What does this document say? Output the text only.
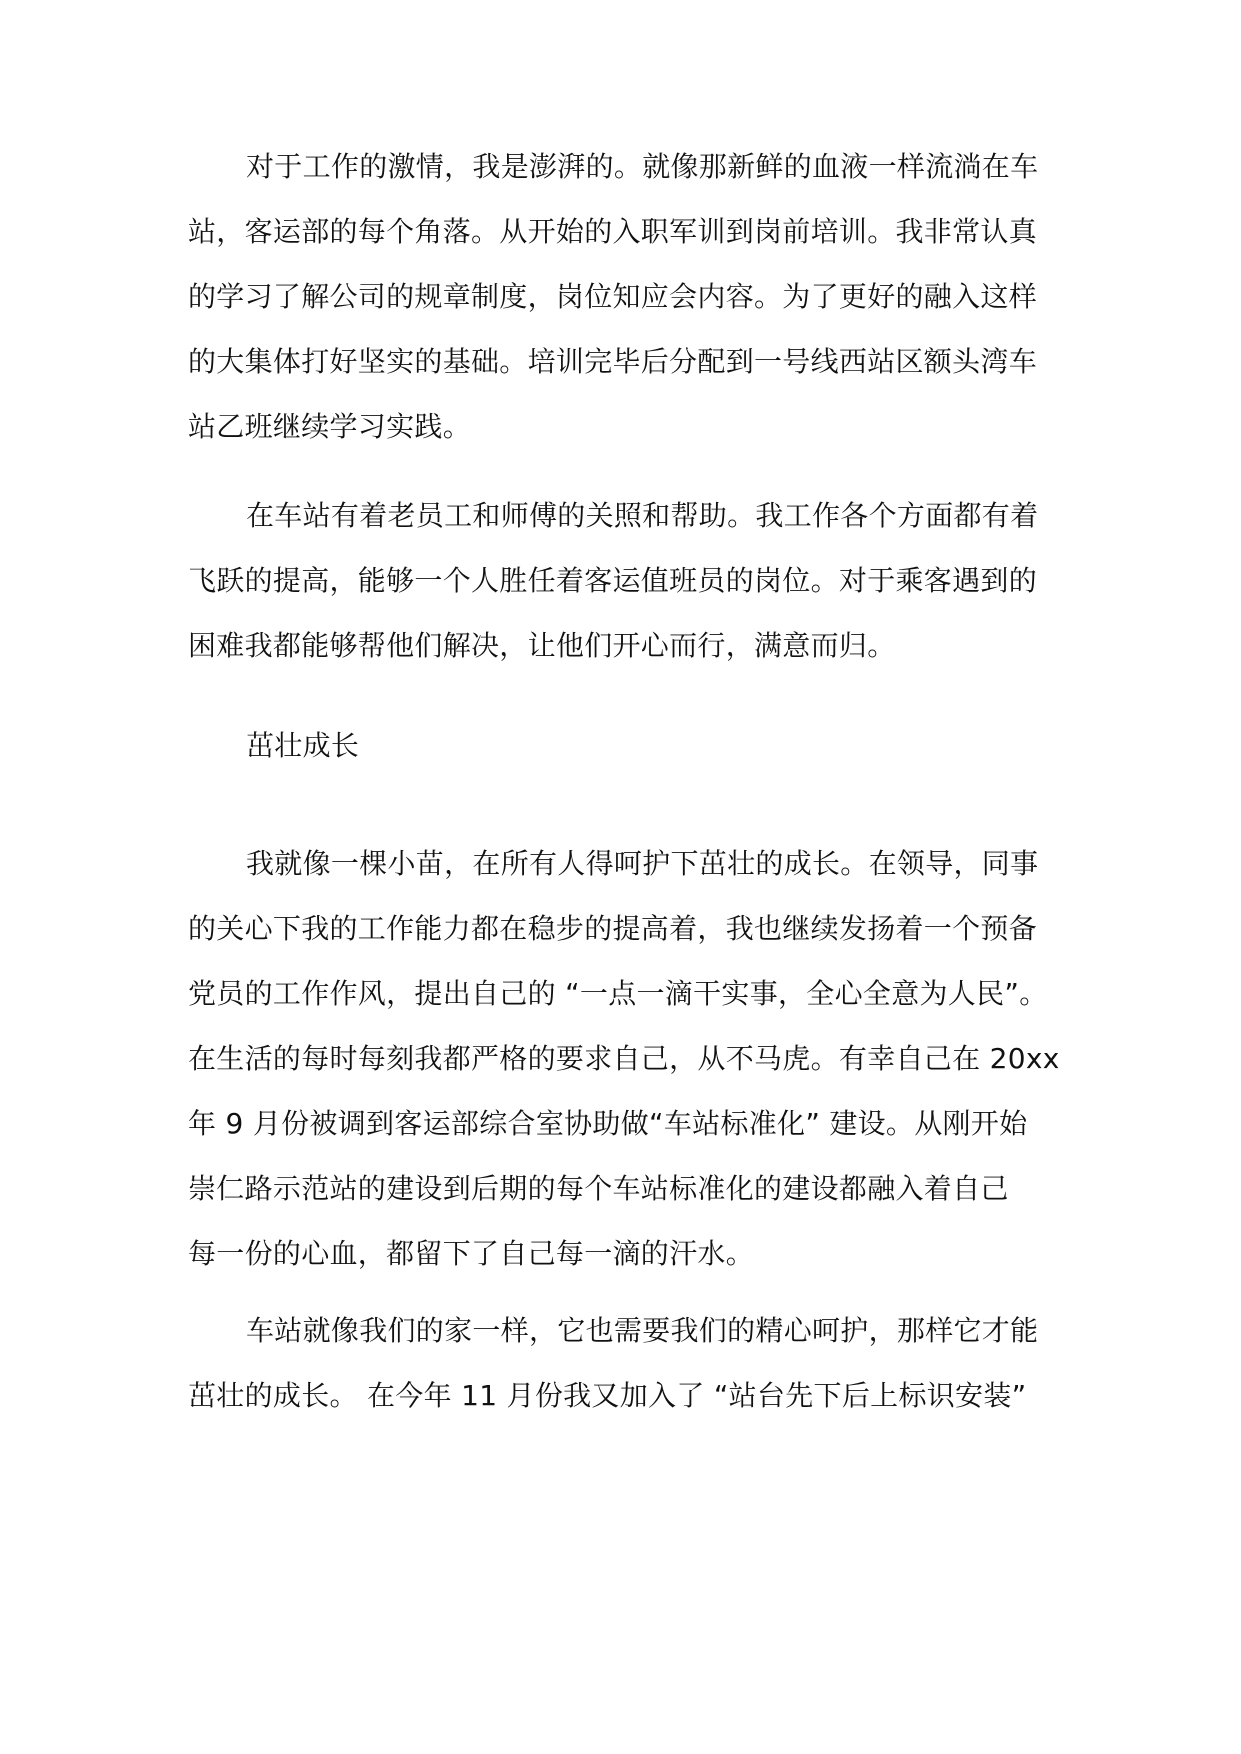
对于工作的激情，我是澎湃的。就像那新鲜的血液一样流淌在车
站，客运部的每个角落。从开始的入职军训到岗前培训。我非常认真
的学习了解公司的规章制度，岗位知应会内容。为了更好的融入这样
的大集体打好坚实的基础。培训完毕后分配到一号线西站区额头湾车
站乙班继续学习实践。
在车站有着老员工和师傅的关照和帮助。我工作各个方面都有着
飞跃的提高，能够一个人胜任着客运值班员的岗位。对于乘客遇到的
困难我都能够帮他们解决，让他们开心而行，满意而归。
茁壮成长
我就像一棵小苗，在所有人得呵护下茁壮的成长。在领导，同事
的关心下我的工作能力都在稳步的提高着，我也继续发扬着一个预备
党员的工作作风，提出自己的 “一点一滴干实事，全心全意为人民”。
在生活的每时每刻我都严格的要求自己，从不马虎。有幸自己在 20xx
年 9 月份被调到客运部综合室协助做“车站标准化” 建设。从刚开始
崇仁路示范站的建设到后期的每个车站标准化的建设都融入着自己
每一份的心血，都留下了自己每一滴的汗水。
车站就像我们的家一样，它也需要我们的精心呵护，那样它才能
茁壮的成长。 在今年 11 月份我又加入了 “站台先下后上标识安装”
